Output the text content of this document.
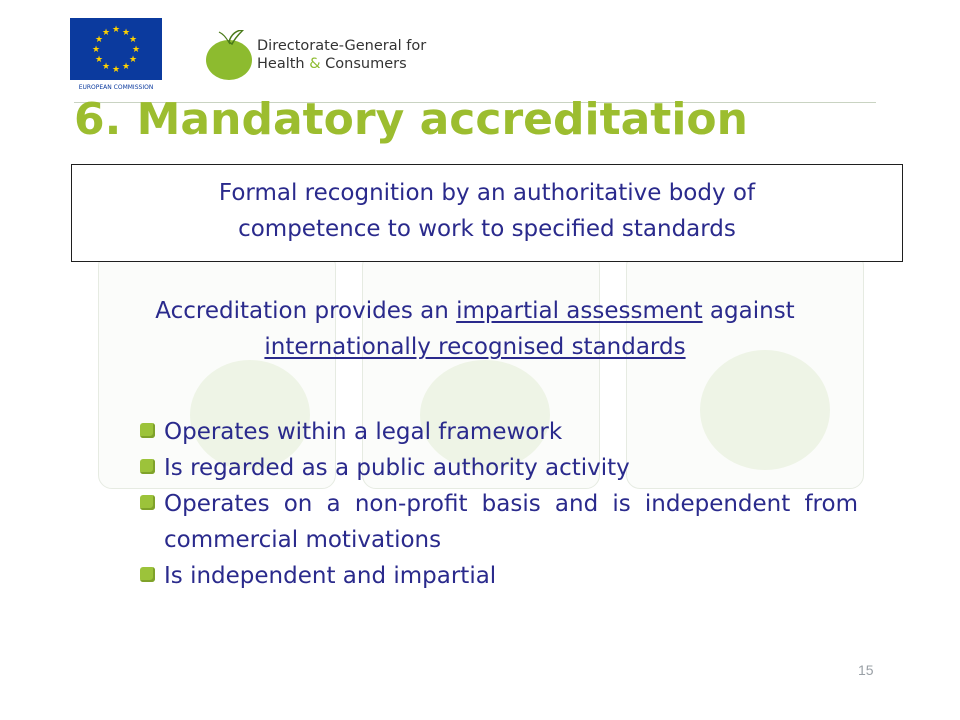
★ ★
★
★
★
★
★
★
★
★
★
★
EUROPEAN COMMISSION
Directorate-General for
Health & Consumers
6. Mandatory accreditation
Formal recognition by an authoritative body of
competence to work to specified standards
Accreditation provides an impartial assessment against internationally recognised standards
Operates within a legal framework
Is regarded as a public authority activity
Operates on a non-profit basis and is independent from commercial motivations
Is independent and impartial
15
